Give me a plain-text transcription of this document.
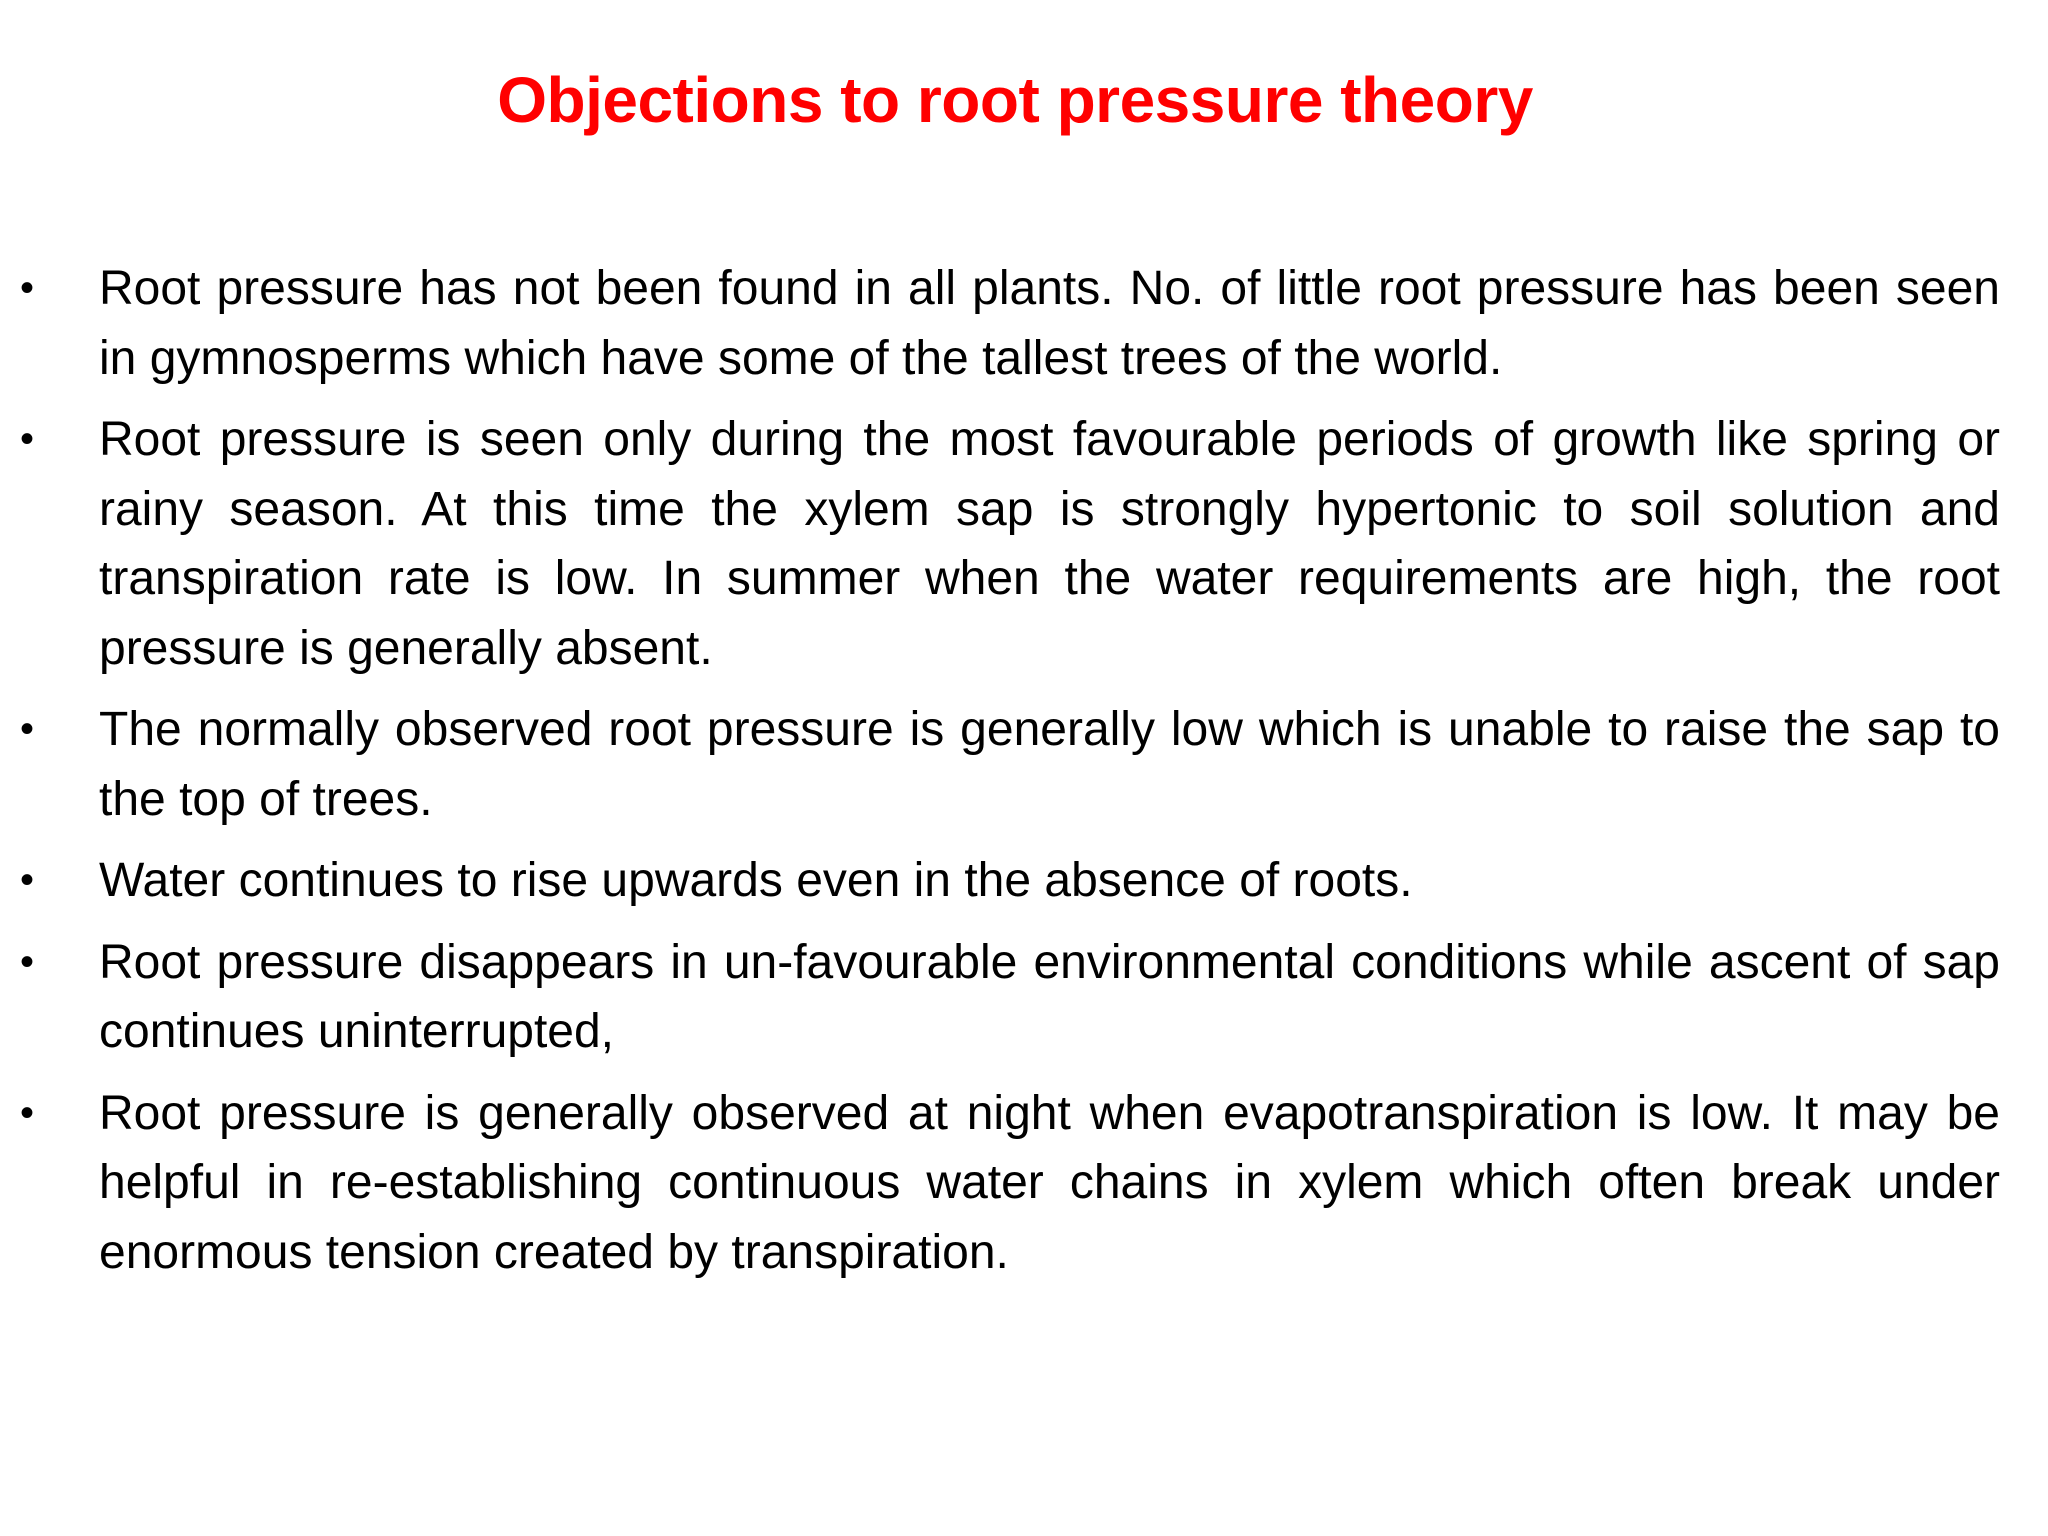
Objections to root pressure theory
•	Root pressure has not been found in all plants. No. of little root pressure has been seen in gymnosperms which have some of the tallest trees of the world.
•	Root pressure is seen only during the most favourable periods of growth like spring or rainy season. At this time the xylem sap is strongly hypertonic to soil solution and transpiration rate is low. In summer when the water requirements are high, the root pressure is generally absent.
•	The normally observed root pressure is generally low which is unable to raise the sap to the top of trees.
•	Water continues to rise upwards even in the absence of roots.
•	Root pressure disappears in un-favourable environmental conditions while ascent of sap continues uninterrupted,
•	Root pressure is generally observed at night when evapotranspiration is low. It may be helpful in re-establishing continuous water chains in xylem which often break under enormous tension created by transpiration.
